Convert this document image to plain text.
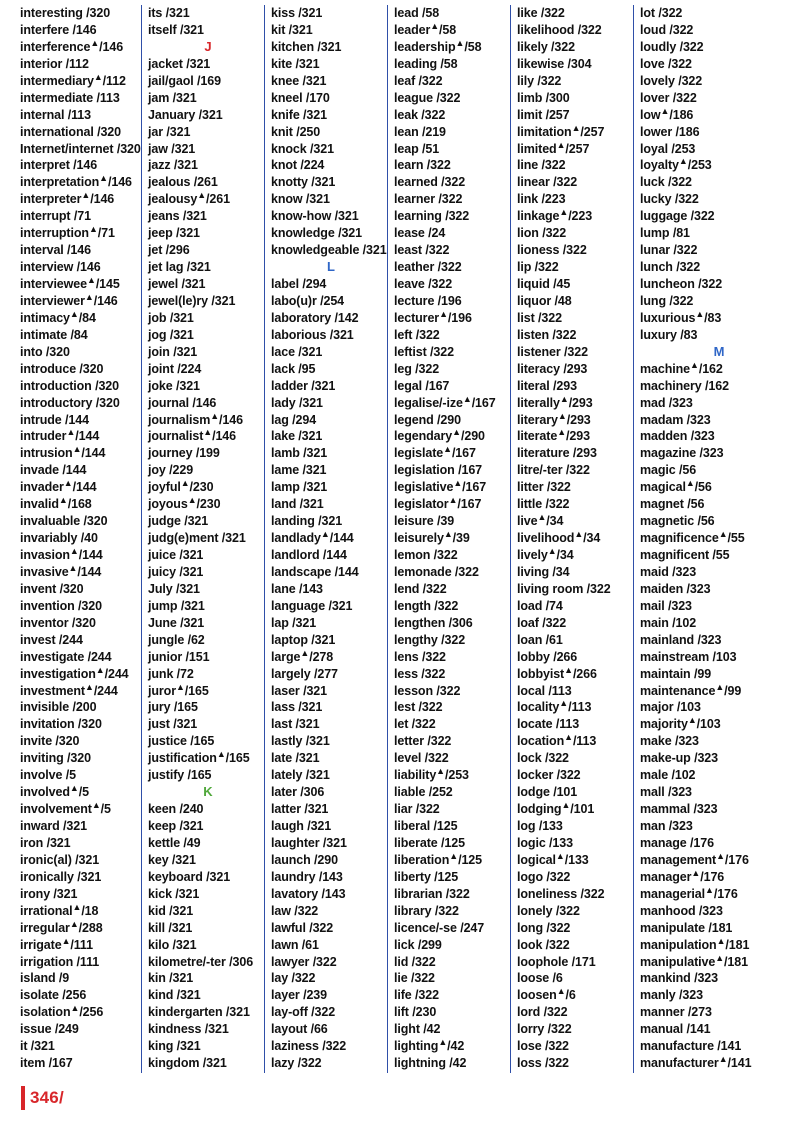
interesting /320
interfere /146
interference▲/146
interior /112
intermediary▲/112
intermediate /113
internal /113
international /320
Internet/internet /320
interpret /146
interpretation▲/146
interpreter▲/146
interrupt /71
interruption▲/71
interval /146
interview /146
interviewee▲/145
interviewer▲/146
intimacy▲/84
intimate /84
into /320
introduce /320
introduction /320
introductory /320
intrude /144
intruder▲/144
intrusion▲/144
invade /144
invader▲/144
invalid▲/168
invaluable /320
invariably /40
invasion▲/144
invasive▲/144
invent /320
invention /320
inventor /320
invest /244
investigate /244
investigation▲/244
investment▲/244
invisible /200
invitation /320
invite /320
inviting /320
involve /5
involved▲/5
involvement▲/5
inward /321
iron /321
ironic(al) /321
ironically /321
irony /321
irrational▲/18
irregular▲/288
irrigate▲/111
irrigation /111
island /9
isolate /256
isolation▲/256
issue /249
it /321
item /167
its /321
itself /321
J
jacket /321
jail/gaol /169
jam /321
January /321
jar /321
jaw /321
jazz /321
jealous /261
jealousy▲/261
jeans /321
jeep /321
jet /296
jet lag /321
jewel /321
jewel(le)ry /321
job /321
jog /321
join /321
joint /224
joke /321
journal /146
journalism▲/146
journalist▲/146
journey /199
joy /229
joyful▲/230
joyous▲/230
judge /321
judg(e)ment /321
juice /321
juicy /321
July /321
jump /321
June /321
jungle /62
junior /151
junk /72
juror▲/165
jury /165
just /321
justice /165
justification▲/165
justify /165
K
keen /240
keep /321
kettle /49
key /321
keyboard /321
kick /321
kid /321
kill /321
kilo /321
kilometre/-ter /306
kin /321
kind /321
kindergarten /321
kindness /321
king /321
kingdom /321
kiss /321
kit /321
kitchen /321
kite /321
knee /321
kneel /170
knife /321
knit /250
knock /321
knot /224
knotty /321
know /321
know-how /321
knowledge /321
knowledgeable /321
L
label /294
labo(u)r /254
laboratory /142
laborious /321
lace /321
lack /95
ladder /321
lady /321
lag /294
lake /321
lamb /321
lame /321
lamp /321
land /321
landing /321
landlady▲/144
landlord /144
landscape /144
lane /143
language /321
lap /321
laptop /321
large▲/278
largely /277
laser /321
lass /321
last /321
lastly /321
late /321
lately /321
later /306
latter /321
laugh /321
laughter /321
launch /290
laundry /143
lavatory /143
law /322
lawful /322
lawn /61
lawyer /322
lay /322
layer /239
lay-off /322
layout /66
laziness /322
lazy /322
lead /58
leader▲/58
leadership▲/58
leading /58
leaf /322
league /322
leak /322
lean /219
leap /51
learn /322
learned /322
learner /322
learning /322
lease /24
least /322
leather /322
leave /322
lecture /196
lecturer▲/196
left /322
leftist /322
leg /322
legal /167
legalise/-ize▲/167
legend /290
legendary▲/290
legislate▲/167
legislation /167
legislative▲/167
legislator▲/167
leisure /39
leisurely▲/39
lemon /322
lemonade /322
lend /322
length /322
lengthen /306
lengthy /322
lens /322
less /322
lesson /322
lest /322
let /322
letter /322
level /322
liability▲/253
liable /252
liar /322
liberal /125
liberate /125
liberation▲/125
liberty /125
librarian /322
library /322
licence/-se /247
lick /299
lid /322
lie /322
life /322
lift /230
light /42
lighting▲/42
lightning /42
like /322
likelihood /322
likely /322
likewise /304
lily /322
limb /300
limit /257
limitation▲/257
limited▲/257
line /322
linear /322
link /223
linkage▲/223
lion /322
lioness /322
lip /322
liquid /45
liquor /48
list /322
listen /322
listener /322
literacy /293
literal /293
literally▲/293
literary▲/293
literate▲/293
literature /293
litre/-ter /322
litter /322
little /322
live▲/34
livelihood▲/34
lively▲/34
living /34
living room /322
load /74
loaf /322
loan /61
lobby /266
lobbyist▲/266
local /113
locality▲/113
locate /113
location▲/113
lock /322
locker /322
lodge /101
lodging▲/101
log /133
logic /133
logical▲/133
logo /322
loneliness /322
lonely /322
long /322
look /322
loophole /171
loose /6
loosen▲/6
lord /322
lorry /322
lose /322
loss /322
lot /322
loud /322
loudly /322
love /322
lovely /322
lover /322
low▲/186
lower /186
loyal /253
loyalty▲/253
luck /322
lucky /322
luggage /322
lump /81
lunar /322
lunch /322
luncheon /322
lung /322
luxurious▲/83
luxury /83
M
machine▲/162
machinery /162
mad /323
madam /323
madden /323
magazine /323
magic /56
magical▲/56
magnet /56
magnetic /56
magnificence▲/55
magnificent /55
maid /323
maiden /323
mail /323
main /102
mainland /323
mainstream /103
maintain /99
maintenance▲/99
major /103
majority▲/103
make /323
make-up /323
male /102
mall /323
mammal /323
man /323
manage /176
management▲/176
manager▲/176
managerial▲/176
manhood /323
manipulate /181
manipulation▲/181
manipulative▲/181
mankind /323
manly /323
manner /273
manual /141
manufacture /141
manufacturer▲/141
346/
